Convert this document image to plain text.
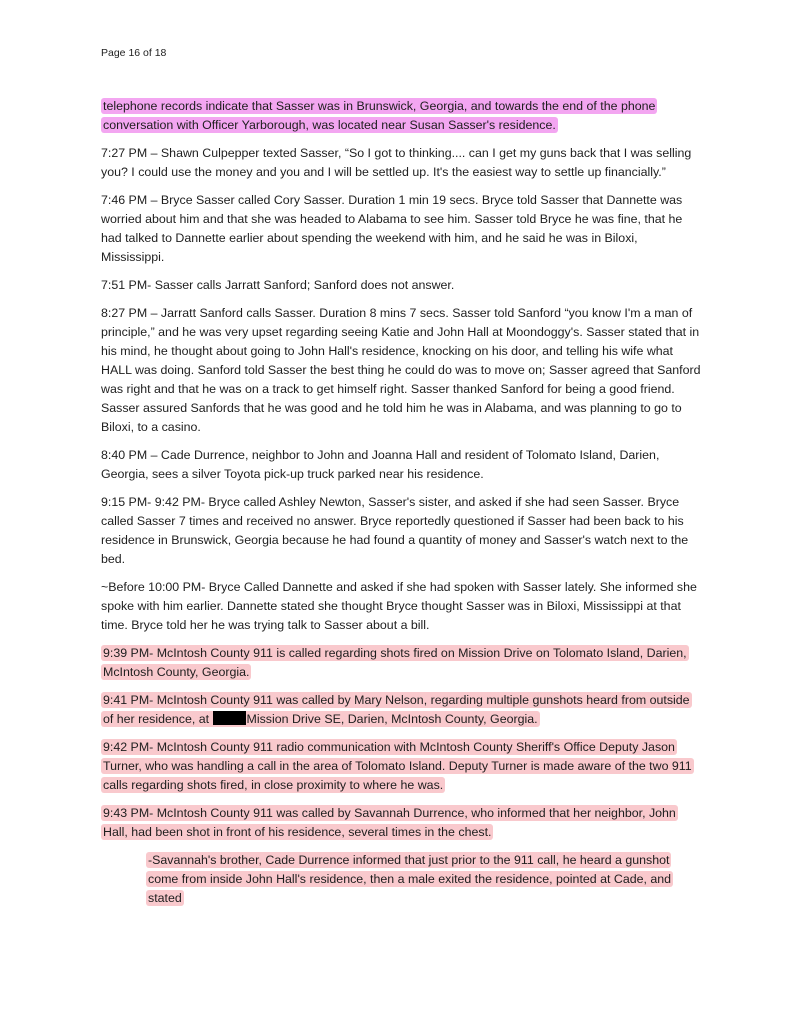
Page 16 of 18

telephone records indicate that Sasser was in Brunswick, Georgia, and towards the end of the phone conversation with Officer Yarborough, was located near Susan Sasser's residence.

7:27 PM – Shawn Culpepper texted Sasser, “So I got to thinking.... can I get my guns back that I was selling you? I could use the money and you and I will be settled up. It's the easiest way to settle up financially.”

7:46 PM – Bryce Sasser called Cory Sasser. Duration 1 min 19 secs. Bryce told Sasser that Dannette was worried about him and that she was headed to Alabama to see him. Sasser told Bryce he was fine, that he had talked to Dannette earlier about spending the weekend with him, and he said he was in Biloxi, Mississippi.

7:51 PM- Sasser calls Jarratt Sanford; Sanford does not answer.

8:27 PM – Jarratt Sanford calls Sasser. Duration 8 mins 7 secs. Sasser told Sanford “you know I'm a man of principle,” and he was very upset regarding seeing Katie and John Hall at Moondoggy's. Sasser stated that in his mind, he thought about going to John Hall's residence, knocking on his door, and telling his wife what HALL was doing. Sanford told Sasser the best thing he could do was to move on; Sasser agreed that Sanford was right and that he was on a track to get himself right. Sasser thanked Sanford for being a good friend. Sasser assured Sanfords that he was good and he told him he was in Alabama, and was planning to go to Biloxi, to a casino.

8:40 PM – Cade Durrence, neighbor to John and Joanna Hall and resident of Tolomato Island, Darien, Georgia, sees a silver Toyota pick-up truck parked near his residence.

9:15 PM- 9:42 PM- Bryce called Ashley Newton, Sasser's sister, and asked if she had seen Sasser. Bryce called Sasser 7 times and received no answer. Bryce reportedly questioned if Sasser had been back to his residence in Brunswick, Georgia because he had found a quantity of money and Sasser's watch next to the bed.

~Before 10:00 PM- Bryce Called Dannette and asked if she had spoken with Sasser lately. She informed she spoke with him earlier. Dannette stated she thought Bryce thought Sasser was in Biloxi, Mississippi at that time. Bryce told her he was trying talk to Sasser about a bill.

9:39 PM- McIntosh County 911 is called regarding shots fired on Mission Drive on Tolomato Island, Darien, McIntosh County, Georgia.

9:41 PM- McIntosh County 911 was called by Mary Nelson, regarding multiple gunshots heard from outside of her residence, at	Mission Drive SE, Darien, McIntosh County, Georgia.

9:42 PM- McIntosh County 911 radio communication with McIntosh County Sheriff's Office Deputy Jason Turner, who was handling a call in the area of Tolomato Island. Deputy Turner is made aware of the two 911 calls regarding shots fired, in close proximity to where he was.

9:43 PM- McIntosh County 911 was called by Savannah Durrence, who informed that her neighbor, John Hall, had been shot in front of his residence, several times in the chest.

-Savannah's brother, Cade Durrence informed that just prior to the 911 call, he heard a gunshot come from inside John Hall's residence, then a male exited the residence, pointed at Cade, and stated
